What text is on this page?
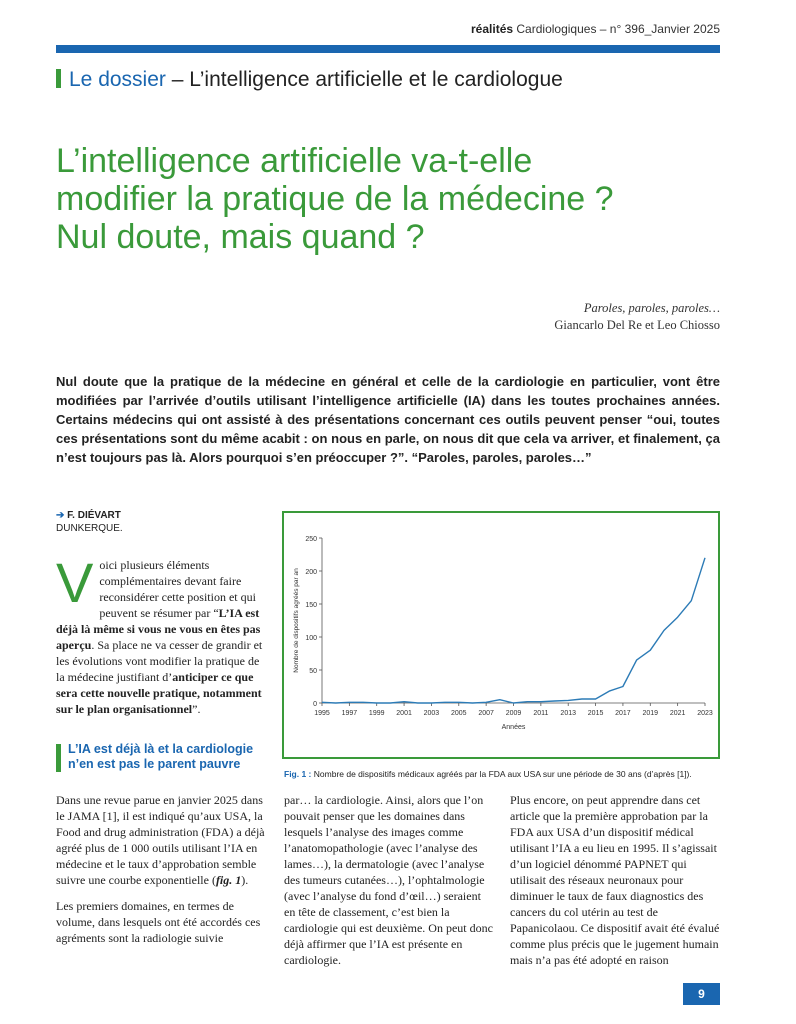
réalités Cardiologiques – n° 396_Janvier 2025
Le dossier – L’intelligence artificielle et le cardiologue
L’intelligence artificielle va-t-elle
modifier la pratique de la médecine ?
Nul doute, mais quand ?
Paroles, paroles, paroles…
Giancarlo Del Re et Leo Chiosso
Nul doute que la pratique de la médecine en général et celle de la cardiologie en particulier, vont être modifiées par l’arrivée d’outils utilisant l’intelligence artificielle (IA) dans les toutes prochaines années. Certains médecins qui ont assisté à des présentations concernant ces outils peuvent penser “oui, toutes ces présentations sont du même acabit : on nous en parle, on nous dit que cela va arriver, et finalement, ça n’est toujours pas là. Alors pourquoi s’en préoccuper ?”. “Paroles, paroles, paroles…”
➔ F. DIÉVART
DUNKERQUE.
Voici plusieurs éléments complémentaires devant faire reconsidérer cette position et qui peuvent se résumer par “L’IA est déjà là même si vous ne vous en êtes pas aperçu. Sa place ne va cesser de grandir et les évolutions vont modifier la pratique de la médecine justifiant d’anticiper ce que sera cette nouvelle pratique, notamment sur le plan organisationnel”.
L’IA est déjà là et la cardiologie n’en est pas le parent pauvre

Dans une revue parue en janvier 2025 dans le JAMA [1], il est indiqué qu’aux USA, la Food and drug administration (FDA) a déjà agréé plus de 1 000 outils utilisant l’IA en médecine et le taux d’approbation semble suivre une courbe exponentielle (fig. 1).

Les premiers domaines, en termes de volume, dans lesquels ont été accordés ces agréments sont la radiologie suivie

par… la cardiologie. Ainsi, alors que l’on pouvait penser que les domaines dans lesquels l’analyse des images comme l’anatomopathologie (avec l’analyse des lames…), la dermatologie (avec l’analyse des tumeurs cutanées…), l’ophtalmologie (avec l’analyse du fond d’œil…) seraient en tête de classement, c’est bien la cardiologie qui est deuxième. On peut donc déjà affirmer que l’IA est présente en cardiologie.

Plus encore, on peut apprendre dans cet article que la première approbation par la FDA aux USA d’un dispositif médical utilisant l’IA a eu lieu en 1995. Il s’agissait d’un logiciel dénommé PAPNET qui utilisait des réseaux neuronaux pour diminuer le taux de faux diagnostics des cancers du col utérin au test de Papanicolaou. Ce dispositif avait été évalué comme plus précis que le jugement humain mais n’a pas été adopté en raison

0
50
100
150
200
250
1995 1997 1999 2001 2003 2005 2007 2009 2011 2013 2015 2017 2019 2021 2023
Années
Nombre de dispositifs agréés par an
Fig. 1 : Nombre de dispositifs médicaux agréés par la FDA aux USA sur une période de 30 ans (d’après [1]).
9
